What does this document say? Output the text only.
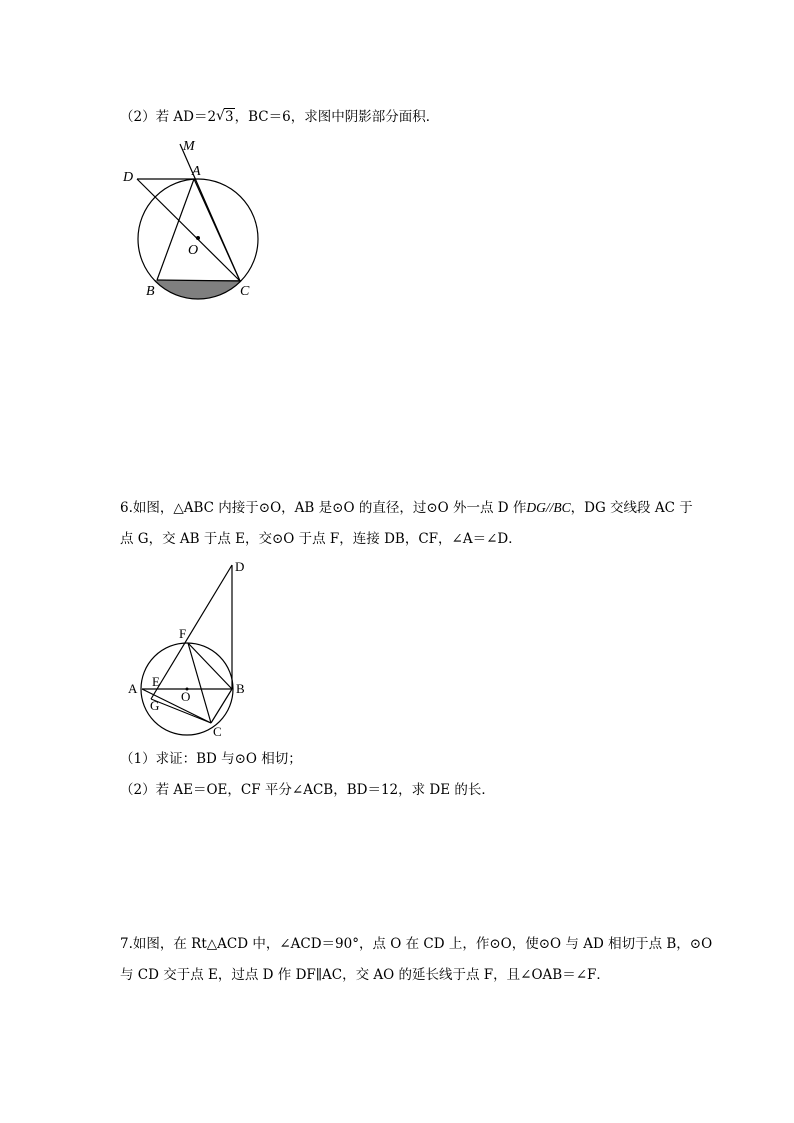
（2）若 AD＝2 √ 3，BC＝6，求图中阴影部分面积．
M
D	A
O
B	C
6.如图，△ABC 内接于⊙O，AB 是⊙O 的直径，过⊙O 外一点 D 作DG//BC，DG 交线段 AC 于
点 G，交 AB 于点 E，交⊙O 于点 F，连接 DB，CF，∠A＝∠D．
D
F
A E
O
B
G
C
（1）求证：BD 与⊙O 相切；
（2）若 AE＝OE，CF 平分∠ACB，BD＝12，求 DE 的长．
7.如图，在 Rt△ACD 中，∠ACD＝90°，点 O 在 CD 上，作⊙O，使⊙O 与 AD 相切于点 B，⊙O
与 CD 交于点 E，过点 D 作 DF∥AC，交 AO 的延长线于点 F，且∠OAB＝∠F．
